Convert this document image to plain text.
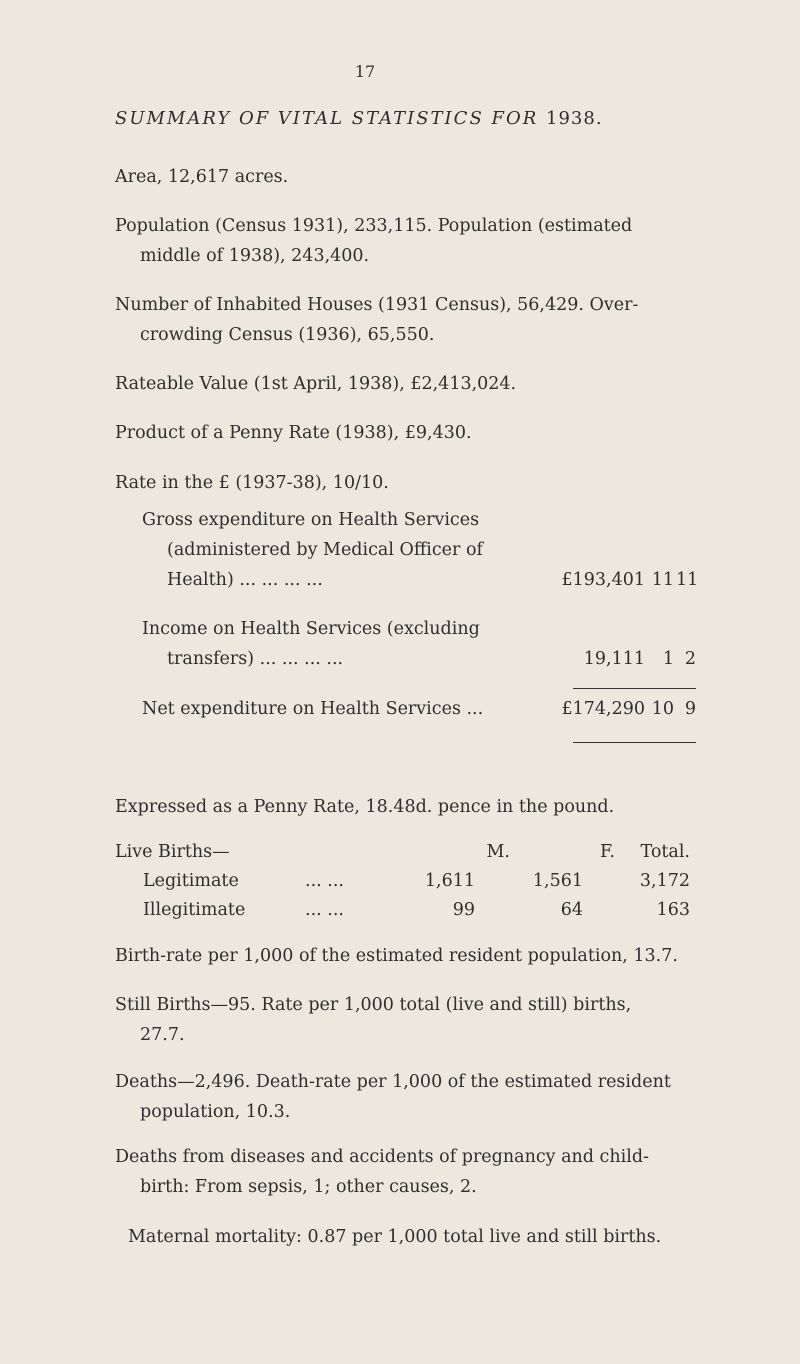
17
SUMMARY OF VITAL STATISTICS FOR 1938.
Area, 12,617 acres.
Population (Census 1931), 233,115. Population (estimated
middle of 1938), 243,400.
Number of Inhabited Houses (1931 Census), 56,429. Over-
crowding Census (1936), 65,550.
Rateable Value (1st April, 1938), £2,413,024.
Product of a Penny Rate (1938), £9,430.
Rate in the £ (1937-38), 10/10.
Gross expenditure on Health Services
(administered by Medical Officer of
Health) ... ... ... ...	£193,401 11 11
Income on Health Services (excluding
transfers) ... ... ... ...	19,111	1 2
Net expenditure on Health Services ...	£174,290 10 9
Expressed as a Penny Rate, 18.48d. pence in the pound.
Live Births—	M.	F.	Total.
Legitimate	... ...	1,611	1,561	3,172
Illegitimate	... ...	99	64	163
Birth-rate per 1,000 of the estimated resident population, 13.7.
Still Births—95. Rate per 1,000 total (live and still) births,
27.7.
Deaths—2,496. Death-rate per 1,000 of the estimated resident
population, 10.3.
Deaths from diseases and accidents of pregnancy and child-
birth: From sepsis, 1; other causes, 2.
Maternal mortality: 0.87 per 1,000 total live and still births.
